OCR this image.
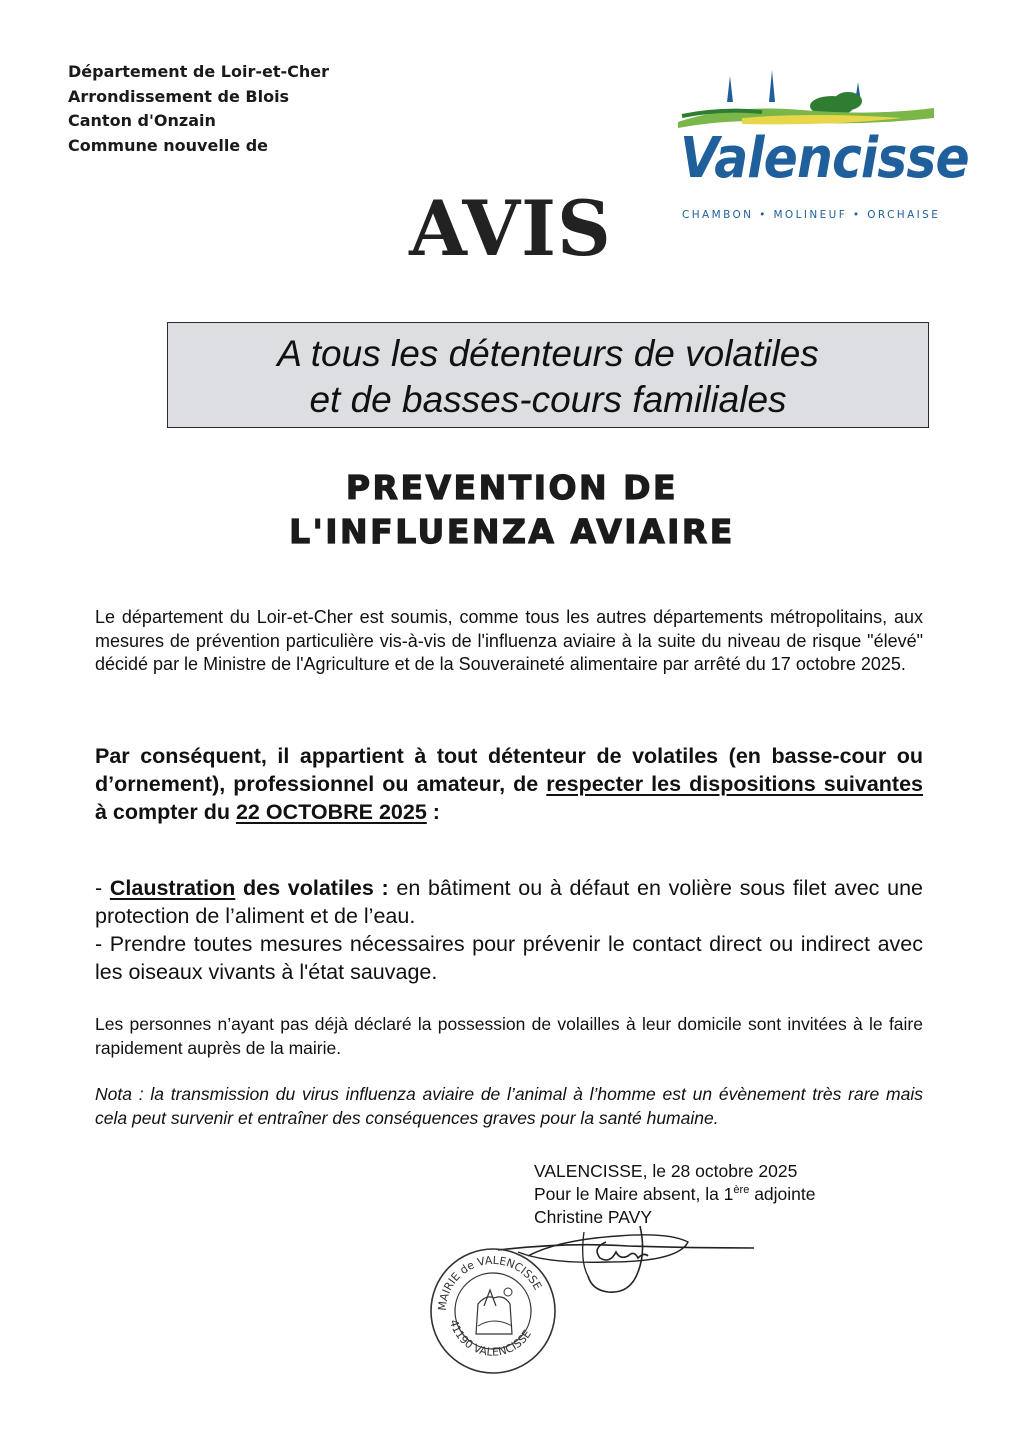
Département de Loir-et-Cher
Arrondissement de Blois
Canton d'Onzain
Commune nouvelle de	Valencisse
CHAMBON • MOLINEUF • ORCHAISE
AVIS
A tous les détenteurs de volatiles
et de basses-cours familiales
PREVENTION DE
L'INFLUENZA AVIAIRE
Le département du Loir-et-Cher est soumis, comme tous les autres départements métropolitains, aux mesures de prévention particulière vis-à-vis de l'influenza aviaire à la suite du niveau de risque "élevé" décidé par le Ministre de l'Agriculture et de la Souveraineté alimentaire par arrêté du 17 octobre 2025.
Par conséquent, il appartient à tout détenteur de volatiles (en basse-cour ou d’ornement), professionnel ou amateur, de respecter les dispositions suivantes à compter du 22 OCTOBRE 2025 :
- Claustration des volatiles : en bâtiment ou à défaut en volière sous filet avec une protection de l’aliment et de l’eau.
- Prendre toutes mesures nécessaires pour prévenir le contact direct ou indirect avec les oiseaux vivants à l'état sauvage.
Les personnes n’ayant pas déjà déclaré la possession de volailles à leur domicile sont invitées à le faire rapidement auprès de la mairie.
Nota : la transmission du virus influenza aviaire de l’animal à l’homme est un évènement très rare mais cela peut survenir et entraîner des conséquences graves pour la santé humaine.
VALENCISSE, le 28 octobre 2025
Pour le Maire absent, la 1ère adjointe
Christine PAVY
MAIRIE de VALENCISSE
41190 VALENCISSE
